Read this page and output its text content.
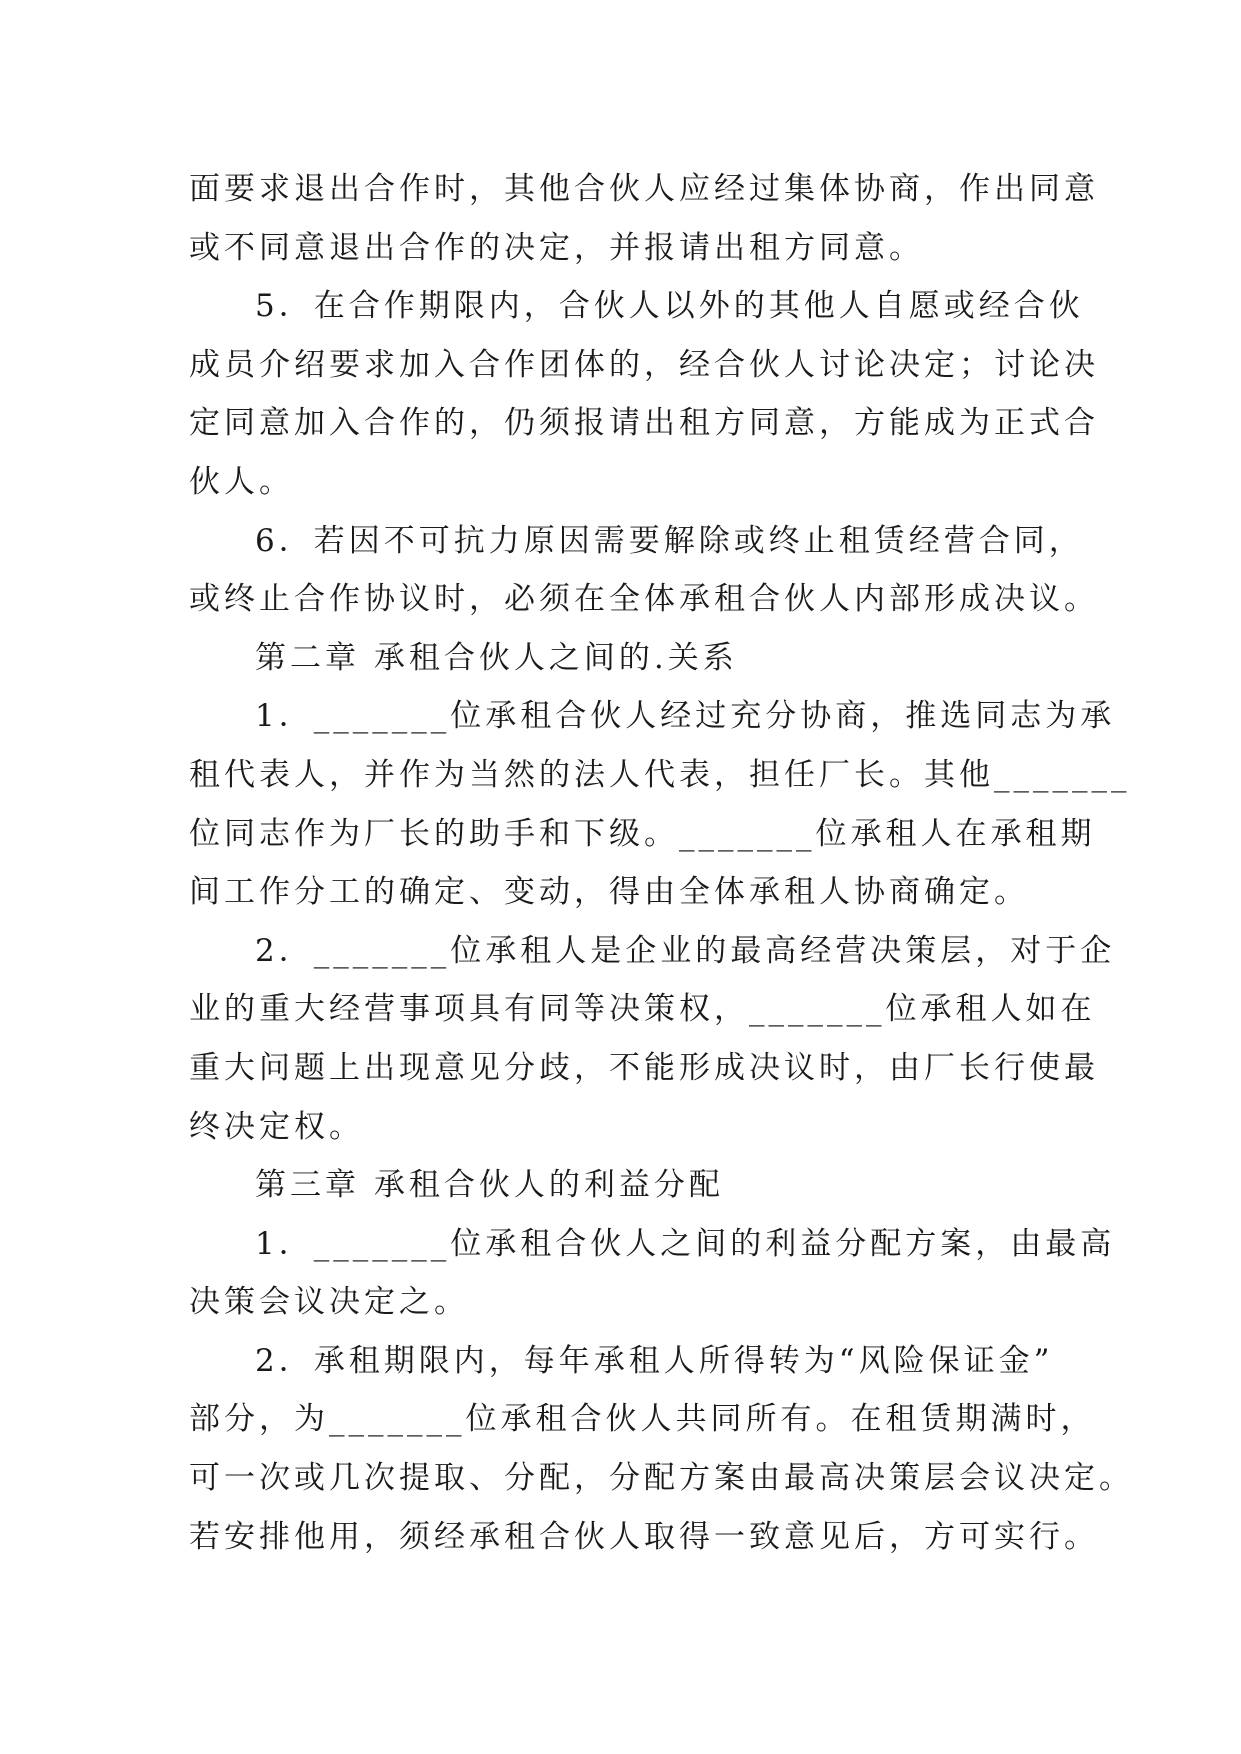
面要求退出合作时，其他合伙人应经过集体协商，作出同意
或不同意退出合作的决定，并报请出租方同意。
5．在合作期限内，合伙人以外的其他人自愿或经合伙
成员介绍要求加入合作团体的，经合伙人讨论决定；讨论决
定同意加入合作的，仍须报请出租方同意，方能成为正式合
伙人。
6．若因不可抗力原因需要解除或终止租赁经营合同，
或终止合作协议时，必须在全体承租合伙人内部形成决议。
第二章 承租合伙人之间的.关系
1．_______位承租合伙人经过充分协商，推选同志为承
租代表人，并作为当然的法人代表，担任厂长。其他_______
位同志作为厂长的助手和下级。_______位承租人在承租期
间工作分工的确定、变动，得由全体承租人协商确定。
2．_______位承租人是企业的最高经营决策层，对于企
业的重大经营事项具有同等决策权，_______位承租人如在
重大问题上出现意见分歧，不能形成决议时，由厂长行使最
终决定权。
第三章 承租合伙人的利益分配
1．_______位承租合伙人之间的利益分配方案，由最高
决策会议决定之。
2．承租期限内，每年承租人所得转为“风险保证金”
部分，为_______位承租合伙人共同所有。在租赁期满时，
可一次或几次提取、分配，分配方案由最高决策层会议决定。
若安排他用，须经承租合伙人取得一致意见后，方可实行。
